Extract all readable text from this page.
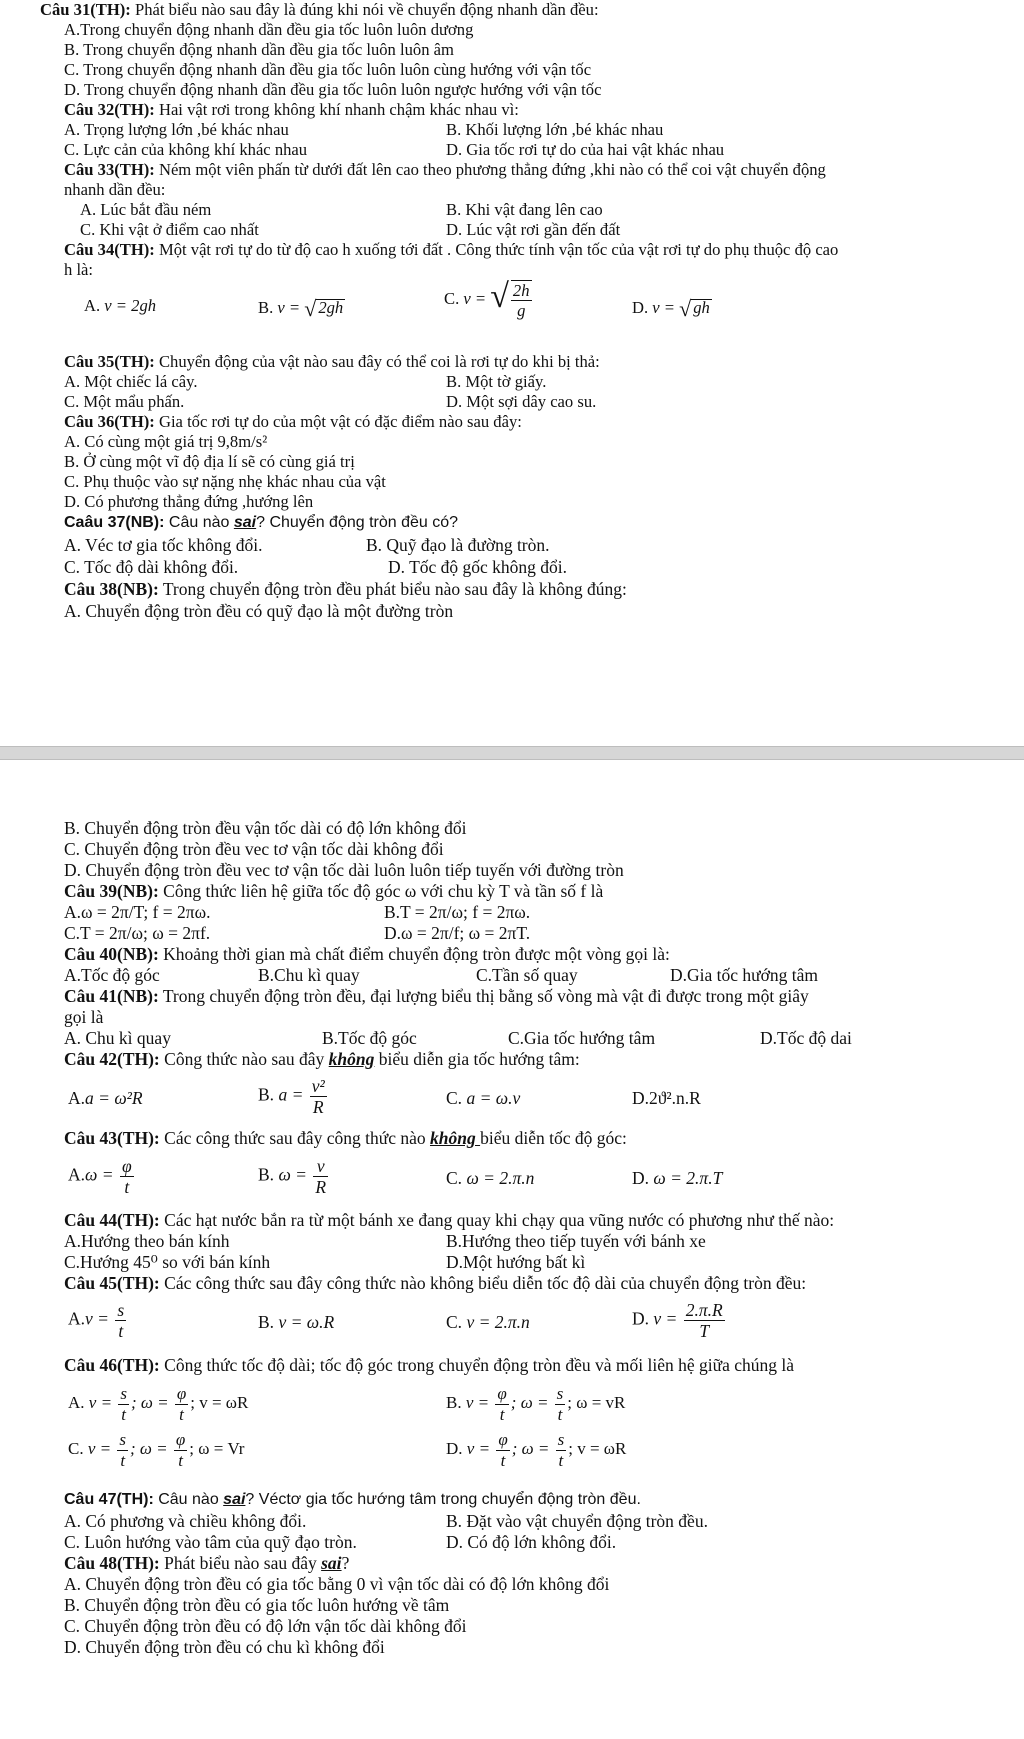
Câu 31(TH): Phát biểu nào sau đây là đúng khi nói về chuyển động nhanh dần đều:
A.Trong chuyển động nhanh dần đều gia tốc luôn luôn dương
B. Trong chuyển động nhanh dần đều gia tốc luôn luôn âm
C. Trong chuyển động nhanh dần đều gia tốc luôn luôn cùng hướng với vận tốc
D. Trong chuyển động nhanh dần đều gia tốc luôn luôn ngược hướng với vận tốc
Câu 32(TH): Hai vật rơi trong không khí nhanh chậm khác nhau vì:
A. Trọng lượng lớn ,bé khác nhau	B. Khối lượng lớn ,bé khác nhau
C. Lực cản của không khí khác nhau	D. Gia tốc rơi tự do của hai vật khác nhau
Câu 33(TH): Ném một viên phấn từ dưới đất lên cao theo phương thẳng đứng ,khi nào có thể coi vật chuyển động
nhanh dần đều:
A. Lúc bắt đầu ném	B. Khi vật đang lên cao
C. Khi vật ở điểm cao nhất	D. Lúc vật rơi gần đến đất
Câu 34(TH): Một vật rơi tự do từ độ cao h xuống tới đất . Công thức tính vận tốc của vật rơi tự do phụ thuộc độ cao
h là:
A. v = 2gh	B. v = √ 2gh	C. v = √ $\frac{2h}{g}$	D. v = √ gh
Câu 35(TH): Chuyển động của vật nào sau đây có thể coi là rơi tự do khi bị thả:
A. Một chiếc lá cây.	B. Một tờ giấy.
C. Một mẩu phấn.	D. Một sợi dây cao su.
Câu 36(TH): Gia tốc rơi tự do của một vật có đặc điểm nào sau đây:
A. Có cùng một giá trị 9,8m/s²
B. Ở cùng một vĩ độ địa lí sẽ có cùng giá trị
C. Phụ thuộc vào sự nặng nhẹ khác nhau của vật
D. Có phương thẳng đứng ,hướng lên
Caâu 37(NB): Câu nào sai? Chuyển động tròn đều có?
A. Véc tơ gia tốc không đổi.	B. Quỹ đạo là đường tròn.
C. Tốc độ dài không đổi.	D. Tốc độ gốc không đổi.
Câu 38(NB): Trong chuyển động tròn đều phát biểu nào sau đây là không đúng:
A. Chuyển động tròn đều có quỹ đạo là một đường tròn
B. Chuyển động tròn đều vận tốc dài có độ lớn không đổi
C. Chuyển động tròn đều vec tơ vận tốc dài không đổi
D. Chuyển động tròn đều vec tơ vận tốc dài luôn luôn tiếp tuyến với đường tròn
Câu 39(NB): Công thức liên hệ giữa tốc độ góc ω với chu kỳ T và tần số f là
A.ω = 2π/T; f = 2πω.	B.T = 2π/ω; f = 2πω.
C.T = 2π/ω; ω = 2πf.	D.ω = 2π/f; ω = 2πT.
Câu 40(NB): Khoảng thời gian mà chất điểm chuyển động tròn được một vòng gọi là:
A.Tốc độ góc	B.Chu kì quay	C.Tần số quay	D.Gia tốc hướng tâm
Câu 41(NB): Trong chuyển động tròn đều, đại lượng biểu thị bằng số vòng mà vật đi được trong một giây
gọi là
A. Chu kì quay	B.Tốc độ góc	C.Gia tốc hướng tâm	D.Tốc độ dai
Câu 42(TH): Công thức nào sau đây không biểu diễn gia tốc hướng tâm:
A.a = ω²R	B. $a = \frac{\text{v²}}{R}$	C. a = ω.v	D.2ϑ².n.R
Câu 43(TH): Các công thức sau đây công thức nào không biểu diễn tốc độ góc:
$A.\omega = \frac{\varphi}{t}$	B. $\omega = \frac{v}{R}$	C. ω = 2.π.n	D. ω = 2.π.T
Câu 44(TH): Các hạt nước bắn ra từ một bánh xe đang quay khi chạy qua vũng nước có phương như thế nào:
A.Hướng theo bán kính	B.Hướng theo tiếp tuyến với bánh xe
C.Hướng 45⁰ so với bán kính	D.Một hướng bất kì
Câu 45(TH): Các công thức sau đây công thức nào không biểu diễn tốc độ dài của chuyển động tròn đều:
$A.v = \frac{s}{t}$	B. v = ω.R	C. v = 2.π.n	D. $v = \frac{2.\pi.R}{T}$
Câu 46(TH): Công thức tốc độ dài; tốc độ góc trong chuyển động tròn đều và mối liên hệ giữa chúng là
A. $v = \frac{s}{t}$ ; $\omega = \frac{\varphi}{t}$ ; v = ωR	B. $v = \frac{\varphi}{t}$ ; $\omega = \frac{s}{t}$ ; ω = vR
C. $v = \frac{s}{t}$ ; $\omega = \frac{\varphi}{t}$ ; ω = Vr	D. $v = \frac{\varphi}{t}$ ; $\omega = \frac{s}{t}$ ; v = ωR
Câu 47(TH): Câu nào sai? Véctơ gia tốc hướng tâm trong chuyển động tròn đều.
A. Có phương và chiều không đổi.	B. Đặt vào vật chuyển động tròn đều.
C. Luôn hướng vào tâm của quỹ đạo tròn.	D. Có độ lớn không đổi.
Câu 48(TH): Phát biểu nào sau đây sai?
A. Chuyển động tròn đều có gia tốc bằng 0 vì vận tốc dài có độ lớn không đổi
B. Chuyển động tròn đều có gia tốc luôn hướng về tâm
C. Chuyển động tròn đều có độ lớn vận tốc dài không đổi
D. Chuyển động tròn đều có chu kì không đổi
